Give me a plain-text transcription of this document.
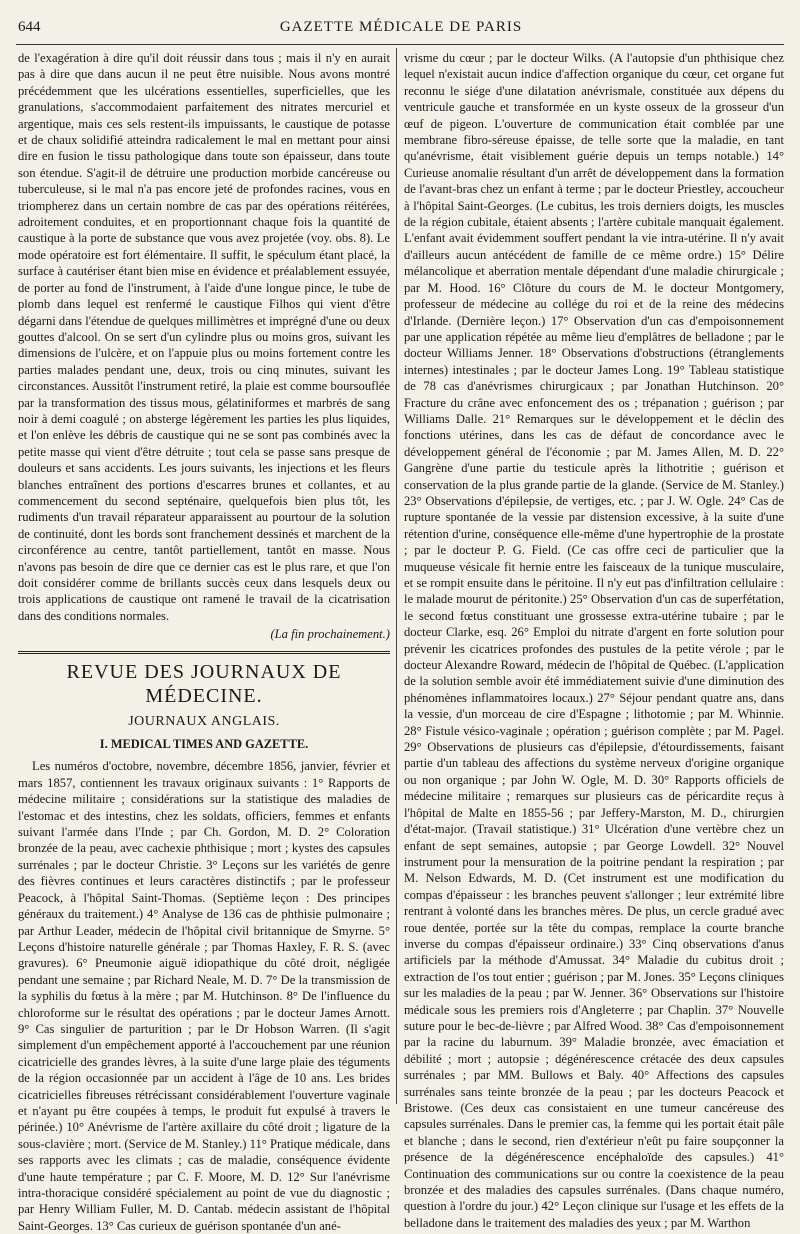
644	GAZETTE MÉDICALE DE PARIS

de l'exagération à dire qu'il doit réussir dans tous ; mais il n'y en aurait pas à dire que dans aucun il ne peut être nuisible. Nous avons montré précédemment que les ulcérations essentielles, superficielles, que les granulations, s'accommodaient parfaitement des nitrates mercuriel et argentique, mais ces sels restent-ils impuissants, le caustique de potasse et de chaux solidifié atteindra radicalement le mal en mettant pour ainsi dire en fusion le tissu pathologique dans toute son épaisseur, dans toute son étendue. S'agit-il de détruire une production morbide cancéreuse ou tuberculeuse, si le mal n'a pas encore jeté de profondes racines, vous en triompherez dans un certain nombre de cas par des opérations réitérées, adroitement conduites, et en proportionnant chaque fois la quantité de caustique à la porte de substance que vous avez projetée (voy. obs. 8). Le mode opératoire est fort élémentaire. Il suffit, le spéculum étant placé, la surface à cautériser étant bien mise en évidence et préalablement essuyée, de porter au fond de l'instrument, à l'aide d'une longue pince, le tube de plomb dans lequel est renfermé le caustique Filhos qui vient d'être dégarni dans l'étendue de quelques millimètres et imprégné d'une ou deux gouttes d'alcool. On se sert d'un cylindre plus ou moins gros, suivant les dimensions de l'ulcère, et on l'appuie plus ou moins fortement contre les parties malades pendant une, deux, trois ou cinq minutes, suivant les circonstances. Aussitôt l'instrument retiré, la plaie est comme boursouflée par la transformation des tissus mous, gélatiniformes et marbrés de sang noir à demi coagulé ; on absterge légèrement les parties les plus liquides, et l'on enlève les débris de caustique qui ne se sont pas combinés avec la petite masse qui vient d'être détruite ; tout cela se passe sans presque de douleurs et sans accidents. Les jours suivants, les injections et les fleurs blanches entraînent des portions d'escarres brunes et collantes, et au commencement du second septénaire, quelquefois bien plus tôt, les rudiments d'un travail réparateur apparaissent au pourtour de la solution de continuité, dont les bords sont franchement dessinés et marchent de la circonférence au centre, tantôt partiellement, tantôt en masse. Nous n'avons pas besoin de dire que ce dernier cas est le plus rare, et que l'on doit considérer comme de brillants succès ceux dans lesquels deux ou trois applications de caustique ont ramené le travail de la cicatrisation dans des conditions normales.

(La fin prochainement.)

REVUE DES JOURNAUX DE MÉDECINE.
JOURNAUX ANGLAIS.
I. MEDICAL TIMES AND GAZETTE.

Les numéros d'octobre, novembre, décembre 1856, janvier, février et mars 1857, contiennent les travaux originaux suivants : 1° Rapports de médecine militaire ; considérations sur la statistique des maladies de l'estomac et des intestins, chez les soldats, officiers, femmes et enfants suivant l'armée dans l'Inde ; par Ch. Gordon, M. D. 2° Coloration bronzée de la peau, avec cachexie phthisique ; mort ; kystes des capsules surrénales ; par le docteur Christie. 3° Leçons sur les variétés de genre des fièvres continues et leurs caractères distinctifs ; par le professeur Peacock, à l'hôpital Saint-Thomas. (Septième leçon : Des principes généraux du traitement.) 4° Analyse de 136 cas de phthisie pulmonaire ; par Arthur Leader, médecin de l'hôpital civil britannique de Smyrne. 5° Leçons d'histoire naturelle générale ; par Thomas Haxley, F. R. S. (avec gravures). 6° Pneumonie aiguë idiopathique du côté droit, négligée pendant une semaine ; par Richard Neale, M. D. 7° De la transmission de la syphilis du fœtus à la mère ; par M. Hutchinson. 8° De l'influence du chloroforme sur le résultat des opérations ; par le docteur James Arnott. 9° Cas singulier de parturition ; par le Dr Hobson Warren. (Il s'agit simplement d'un empêchement apporté à l'accouchement par une réunion cicatricielle des grandes lèvres, à la suite d'une large plaie des téguments de la région occasionnée par un accident à l'âge de 10 ans. Les brides cicatricielles fibreuses rétrécissant considérablement l'ouverture vaginale et n'ayant pu être coupées à temps, le produit fut expulsé à travers le périnée.) 10° Anévrisme de l'artère axillaire du côté droit ; ligature de la sous-clavière ; mort. (Service de M. Stanley.) 11° Pratique médicale, dans ses rapports avec les climats ; cas de maladie, conséquence évidente d'une haute température ; par C. F. Moore, M. D. 12° Sur l'anévrisme intra-thoracique considéré spécialement au point de vue du diagnostic ; par Henry William Fuller, M. D. Cantab. médecin assistant de l'hôpital Saint-Georges. 13° Cas curieux de guérison spontanée d'un ané-

vrisme du cœur ; par le docteur Wilks. (A l'autopsie d'un phthisique chez lequel n'existait aucun indice d'affection organique du cœur, cet organe fut reconnu le siége d'une dilatation anévrismale, constituée aux dépens du ventricule gauche et transformée en un kyste osseux de la grosseur d'un œuf de pigeon. L'ouverture de communication était comblée par une membrane fibro-séreuse épaisse, de telle sorte que la maladie, en tant qu'anévrisme, était visiblement guérie depuis un temps notable.) 14° Curieuse anomalie résultant d'un arrêt de développement dans la formation de l'avant-bras chez un enfant à terme ; par le docteur Priestley, accoucheur à l'hôpital Saint-Georges. (Le cubitus, les trois derniers doigts, les muscles de la région cubitale, étaient absents ; l'artère cubitale manquait également. L'enfant avait évidemment souffert pendant la vie intra-utérine. Il n'y avait d'ailleurs aucun antécédent de famille de ce même ordre.) 15° Délire mélancolique et aberration mentale dépendant d'une maladie chirurgicale ; par M. Hood. 16° Clôture du cours de M. le docteur Montgomery, professeur de médecine au collége du roi et de la reine des médecins d'Irlande. (Dernière leçon.) 17° Observation d'un cas d'empoisonnement par une application répétée au même lieu d'emplâtres de belladone ; par le docteur Williams Jenner. 18° Observations d'obstructions (étranglements internes) intestinales ; par le docteur James Long. 19° Tableau statistique de 78 cas d'anévrismes chirurgicaux ; par Jonathan Hutchinson. 20° Fracture du crâne avec enfoncement des os ; trépanation ; guérison ; par Williams Dalle. 21° Remarques sur le développement et le déclin des fonctions utérines, dans les cas de défaut de concordance avec le développement général de l'économie ; par M. James Allen, M. D. 22° Gangrène d'une partie du testicule après la lithotritie ; guérison et conservation de la plus grande partie de la glande. (Service de M. Stanley.) 23° Observations d'épilepsie, de vertiges, etc. ; par J. W. Ogle. 24° Cas de rupture spontanée de la vessie par distension excessive, à la suite d'une rétention d'urine, conséquence elle-même d'une hypertrophie de la prostate ; par le docteur P. G. Field. (Ce cas offre ceci de particulier que la muqueuse vésicale fit hernie entre les faisceaux de la tunique musculaire, et se rompit ensuite dans le péritoine. Il n'y eut pas d'infiltration cellulaire : le malade mourut de péritonite.) 25° Observation d'un cas de superfétation, le second fœtus constituant une grossesse extra-utérine tubaire ; par le docteur Clarke, esq. 26° Emploi du nitrate d'argent en forte solution pour prévenir les cicatrices profondes des pustules de la petite vérole ; par le docteur Alexandre Roward, médecin de l'hôpital de Québec. (L'application de la solution semble avoir été immédiatement suivie d'une diminution des phénomènes inflammatoires locaux.) 27° Séjour pendant quatre ans, dans la vessie, d'un morceau de cire d'Espagne ; lithotomie ; par M. Whinnie. 28° Fistule vésico-vaginale ; opération ; guérison complète ; par M. Pagel. 29° Observations de plusieurs cas d'épilepsie, d'étourdissements, faisant partie d'un tableau des affections du système nerveux d'origine organique ou non organique ; par John W. Ogle, M. D. 30° Rapports officiels de médecine militaire ; remarques sur plusieurs cas de péricardite reçus à l'hôpital de Malte en 1855-56 ; par Jeffery-Marston, M. D., chirurgien d'état-major. (Travail statistique.) 31° Ulcération d'une vertèbre chez un enfant de sept semaines, autopsie ; par George Lowdell. 32° Nouvel instrument pour la mensuration de la poitrine pendant la respiration ; par M. Nelson Edwards, M. D. (Cet instrument est une modification du compas d'épaisseur : les branches peuvent s'allonger ; leur extrémité libre rentrant à volonté dans les branches mères. De plus, un cercle gradué avec roue dentée, portée sur la tête du compas, remplace la courte branche inverse du compas d'épaisseur ordinaire.) 33° Cinq observations d'anus artificiels par la méthode d'Amussat. 34° Maladie du cubitus droit ; extraction de l'os tout entier ; guérison ; par M. Jones. 35° Leçons cliniques sur les maladies de la peau ; par W. Jenner. 36° Observations sur l'histoire médicale sous les premiers rois d'Angleterre ; par Chaplin. 37° Nouvelle suture pour le bec-de-lièvre ; par Alfred Wood. 38° Cas d'empoisonnement par la racine du laburnum. 39° Maladie bronzée, avec émaciation et débilité ; mort ; autopsie ; dégénérescence crétacée des deux capsules surrénales ; par MM. Bullows et Baly. 40° Affections des capsules surrénales sans teinte bronzée de la peau ; par les docteurs Peacock et Bristowe. (Ces deux cas consistaient en une tumeur cancéreuse des capsules surrénales. Dans le premier cas, la femme qui les portait était pâle et blanche ; dans le second, rien d'extérieur n'eût pu faire soupçonner la présence de la dégénérescence encéphaloïde des capsules.) 41° Continuation des communications sur ou contre la coexistence de la peau bronzée et des maladies des capsules surrénales. (Dans chaque numéro, question à l'ordre du jour.) 42° Leçon clinique sur l'usage et les effets de la belladone dans le traitement des maladies des yeux ; par M. Warthon
